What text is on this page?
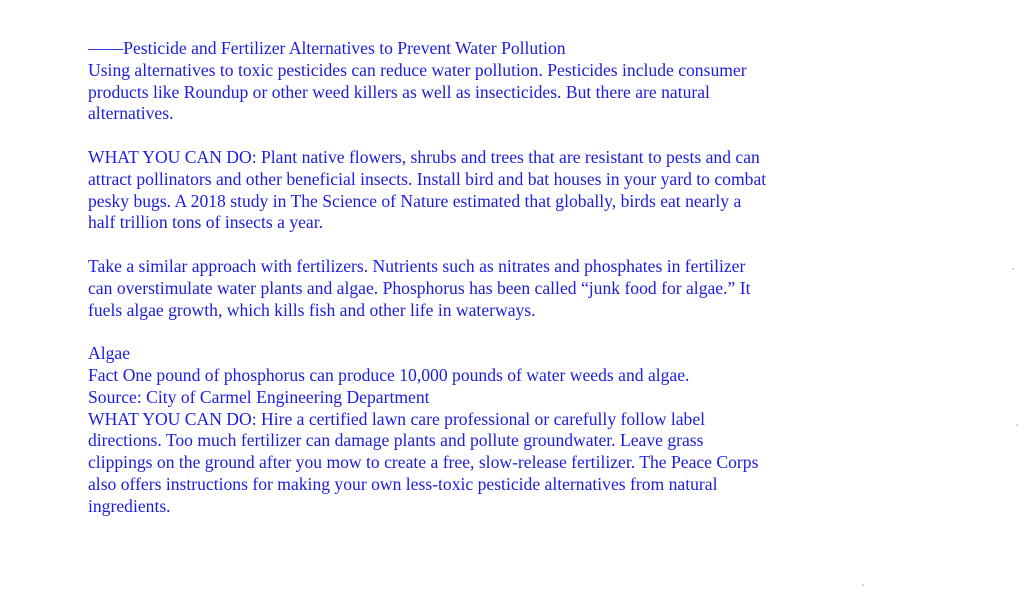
——Pesticide and Fertilizer Alternatives to Prevent Water Pollution

Using alternatives to toxic pesticides can reduce water pollution. Pesticides include consumer
products like Roundup or other weed killers as well as insecticides. But there are natural
alternatives.

WHAT YOU CAN DO: Plant native flowers, shrubs and trees that are resistant to pests and can
attract pollinators and other beneficial insects. Install bird and bat houses in your yard to combat
pesky bugs. A 2018 study in The Science of Nature estimated that globally, birds eat nearly a
half trillion tons of insects a year.

Take a similar approach with fertilizers. Nutrients such as nitrates and phosphates in fertilizer
can overstimulate water plants and algae. Phosphorus has been called “junk food for algae.” It
fuels algae growth, which kills fish and other life in waterways.

Algae

Fact One pound of phosphorus can produce 10,000 pounds of water weeds and algae.

Source: City of Carmel Engineering Department

WHAT YOU CAN DO: Hire a certified lawn care professional or carefully follow label
directions. Too much fertilizer can damage plants and pollute groundwater. Leave grass
clippings on the ground after you mow to create a free, slow-release fertilizer. The Peace Corps
also offers instructions for making your own less-toxic pesticide alternatives from natural
ingredients.
